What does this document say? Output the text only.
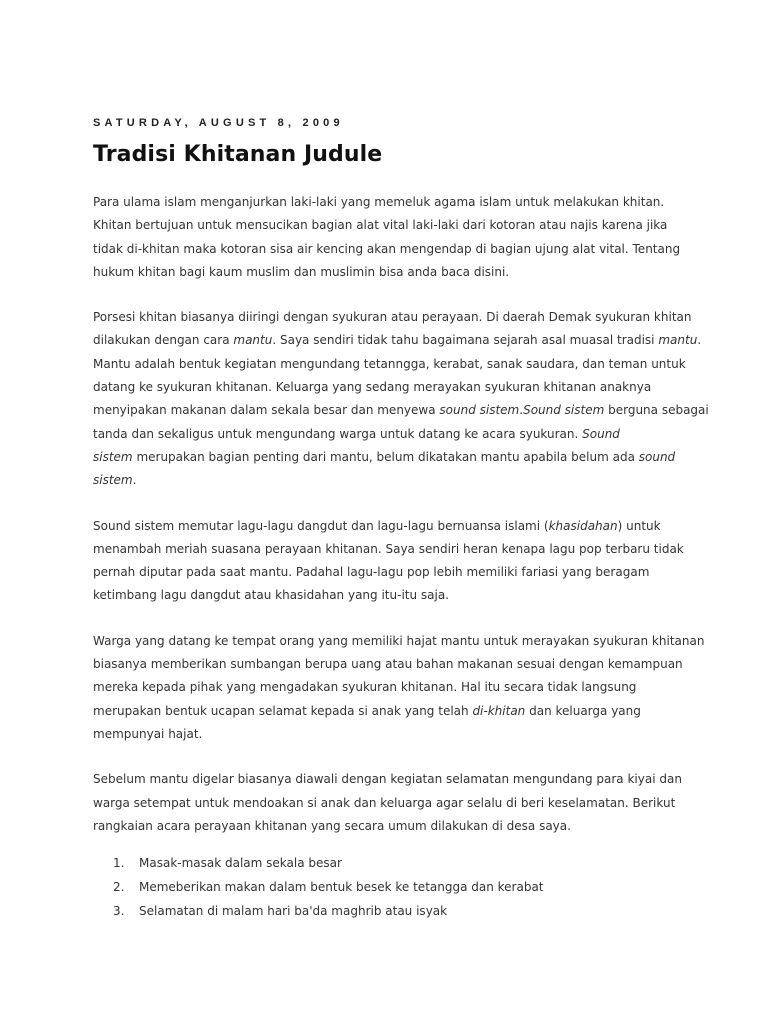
SATURDAY, AUGUST 8, 2009
Tradisi Khitanan Judule

Para ulama islam menganjurkan laki-laki yang memeluk agama islam untuk melakukan khitan.
Khitan bertujuan untuk mensucikan bagian alat vital laki-laki dari kotoran atau najis karena jika
tidak di-khitan maka kotoran sisa air kencing akan mengendap di bagian ujung alat vital. Tentang
hukum khitan bagi kaum muslim dan muslimin bisa anda baca disini.

Porsesi khitan biasanya diiringi dengan syukuran atau perayaan. Di daerah Demak syukuran khitan
dilakukan dengan cara mantu. Saya sendiri tidak tahu bagaimana sejarah asal muasal tradisi mantu.
Mantu adalah bentuk kegiatan mengundang tetanngga, kerabat, sanak saudara, dan teman untuk
datang ke syukuran khitanan. Keluarga yang sedang merayakan syukuran khitanan anaknya
menyipakan makanan dalam sekala besar dan menyewa sound sistem.Sound sistem berguna sebagai
tanda dan sekaligus untuk mengundang warga untuk datang ke acara syukuran. Sound
sistem merupakan bagian penting dari mantu, belum dikatakan mantu apabila belum ada sound
sistem.

Sound sistem memutar lagu-lagu dangdut dan lagu-lagu bernuansa islami (khasidahan) untuk
menambah meriah suasana perayaan khitanan. Saya sendiri heran kenapa lagu pop terbaru tidak
pernah diputar pada saat mantu. Padahal lagu-lagu pop lebih memiliki fariasi yang beragam
ketimbang lagu dangdut atau khasidahan yang itu-itu saja.

Warga yang datang ke tempat orang yang memiliki hajat mantu untuk merayakan syukuran khitanan
biasanya memberikan sumbangan berupa uang atau bahan makanan sesuai dengan kemampuan
mereka kepada pihak yang mengadakan syukuran khitanan. Hal itu secara tidak langsung
merupakan bentuk ucapan selamat kepada si anak yang telah di-khitan dan keluarga yang
mempunyai hajat.

Sebelum mantu digelar biasanya diawali dengan kegiatan selamatan mengundang para kiyai dan
warga setempat untuk mendoakan si anak dan keluarga agar selalu di beri keselamatan. Berikut
rangkaian acara perayaan khitanan yang secara umum dilakukan di desa saya.

1. Masak-masak dalam sekala besar
2. Memeberikan makan dalam bentuk besek ke tetangga dan kerabat
3. Selamatan di malam hari ba'da maghrib atau isyak
